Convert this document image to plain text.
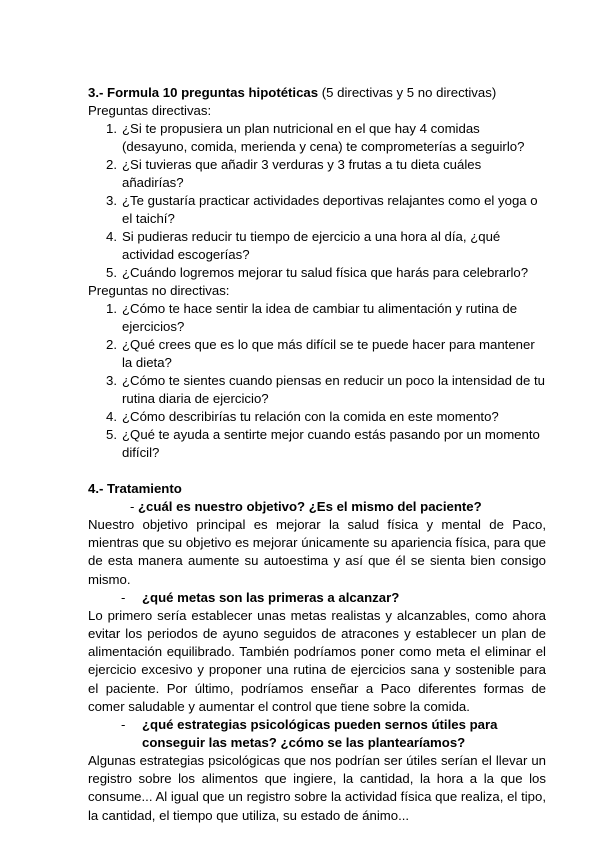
3.- Formula 10 preguntas hipotéticas (5 directivas y 5 no directivas)
Preguntas directivas:
1. ¿Si te propusiera un plan nutricional en el que hay 4 comidas (desayuno, comida, merienda y cena) te comprometerías a seguirlo?
2. ¿Si tuvieras que añadir 3 verduras y 3 frutas a tu dieta cuáles añadirías?
3. ¿Te gustaría practicar actividades deportivas relajantes como el yoga o el taichí?
4. Si pudieras reducir tu tiempo de ejercicio a una hora al día, ¿qué actividad escogerías?
5. ¿Cuándo logremos mejorar tu salud física que harás para celebrarlo?
Preguntas no directivas:
1. ¿Cómo te hace sentir la idea de cambiar tu alimentación y rutina de ejercicios?
2. ¿Qué crees que es lo que más difícil se te puede hacer para mantener la dieta?
3. ¿Cómo te sientes cuando piensas en reducir un poco la intensidad de tu rutina diaria de ejercicio?
4. ¿Cómo describirías tu relación con la comida en este momento?
5. ¿Qué te ayuda a sentirte mejor cuando estás pasando por un momento difícil?
4.- Tratamiento
- ¿cuál es nuestro objetivo? ¿Es el mismo del paciente?

Nuestro objetivo principal es mejorar la salud física y mental de Paco, mientras que su objetivo es mejorar únicamente su apariencia física, para que de esta manera aumente su autoestima y así que él se sienta bien consigo mismo.

-	¿qué metas son las primeras a alcanzar?

Lo primero sería establecer unas metas realistas y alcanzables, como ahora evitar los periodos de ayuno seguidos de atracones y establecer un plan de alimentación equilibrado. También podríamos poner como meta el eliminar el ejercicio excesivo y proponer una rutina de ejercicios sana y sostenible para el paciente. Por último, podríamos enseñar a Paco diferentes formas de comer saludable y aumentar el control que tiene sobre la comida.

-	¿qué estrategias psicológicas pueden sernos útiles para conseguir las metas? ¿cómo se las plantearíamos?

Algunas estrategias psicológicas que nos podrían ser útiles serían el llevar un registro sobre los alimentos que ingiere, la cantidad, la hora a la que los consume... Al igual que un registro sobre la actividad física que realiza, el tipo, la cantidad, el tiempo que utiliza, su estado de ánimo...
